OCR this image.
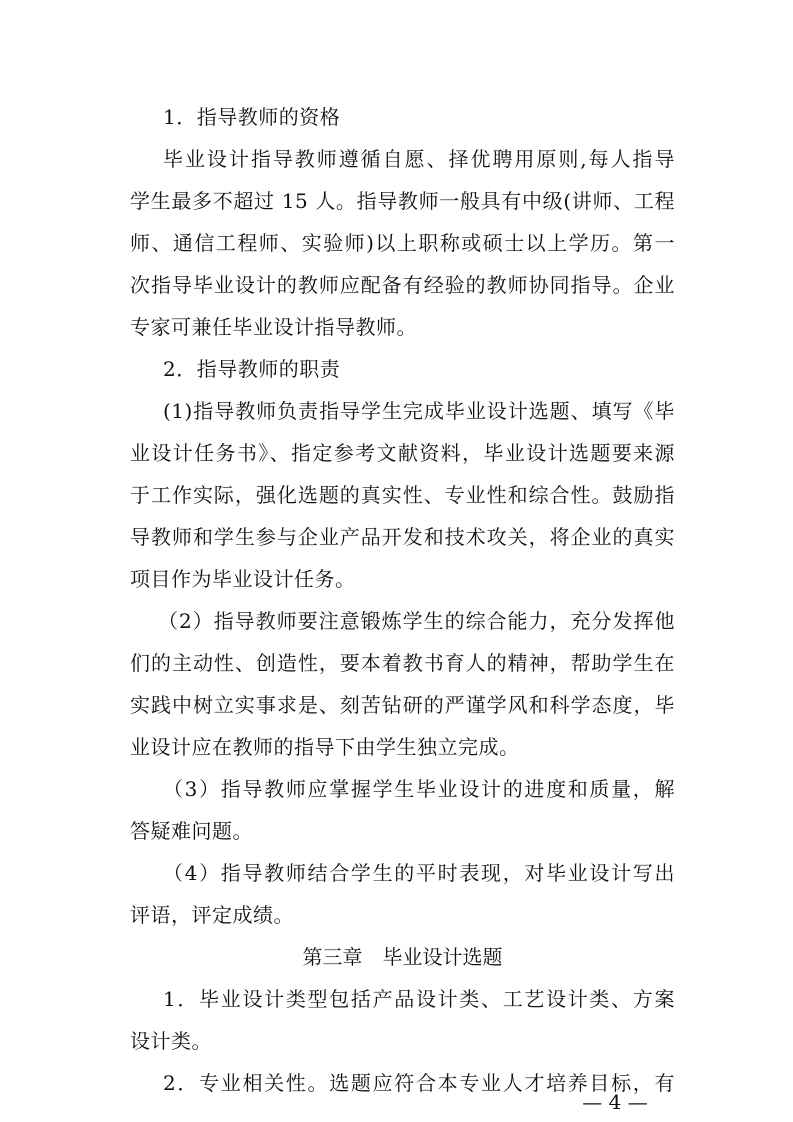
1．指导教师的资格
毕业设计指导教师遵循自愿、择优聘用原则,每人指导
学生最多不超过 15 人。指导教师一般具有中级(讲师、工程
师、通信工程师、实验师)以上职称或硕士以上学历。第一
次指导毕业设计的教师应配备有经验的教师协同指导。企业
专家可兼任毕业设计指导教师。
2．指导教师的职责
(1)指导教师负责指导学生完成毕业设计选题、填写《毕
业设计任务书》、指定参考文献资料，毕业设计选题要来源
于工作实际，强化选题的真实性、专业性和综合性。鼓励指
导教师和学生参与企业产品开发和技术攻关，将企业的真实
项目作为毕业设计任务。
（2）指导教师要注意锻炼学生的综合能力，充分发挥他
们的主动性、创造性，要本着教书育人的精神，帮助学生在
实践中树立实事求是、刻苦钻研的严谨学风和科学态度，毕
业设计应在教师的指导下由学生独立完成。
（3）指导教师应掌握学生毕业设计的进度和质量，解
答疑难问题。
（4）指导教师结合学生的平时表现，对毕业设计写出
评语，评定成绩。
第三章　毕业设计选题
1．毕业设计类型包括产品设计类、工艺设计类、方案
设计类。
2．专业相关性。选题应符合本专业人才培养目标，有
— 4 —
